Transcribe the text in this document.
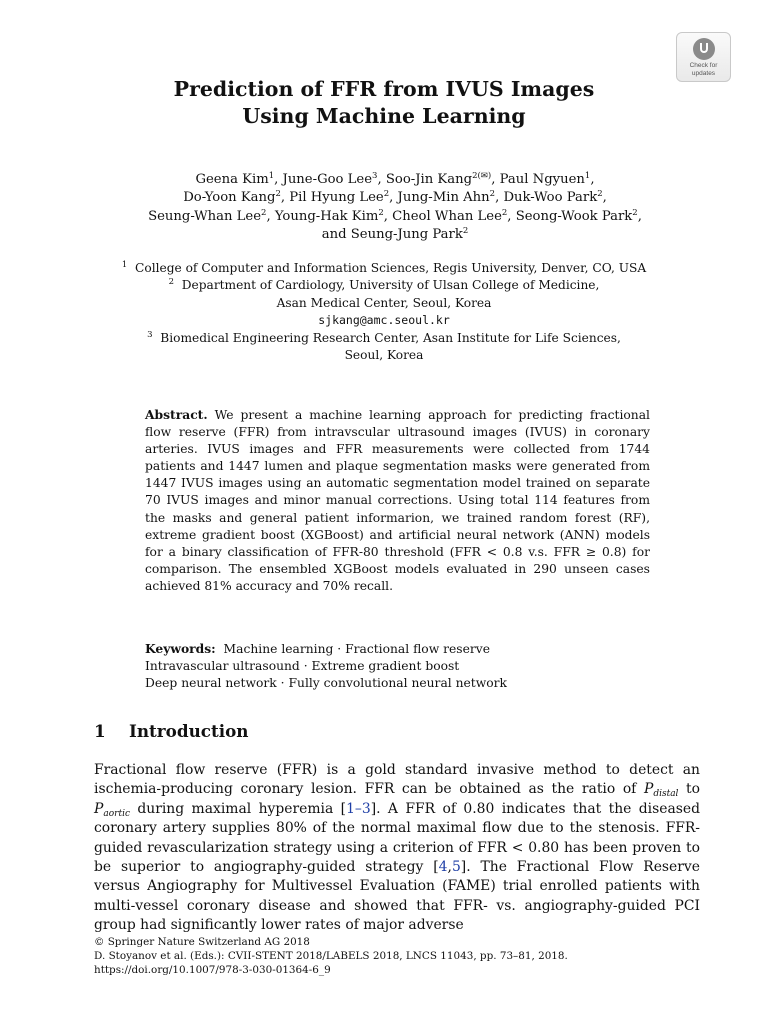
Check for
updates
Prediction of FFR from IVUS Images
Using Machine Learning
Geena Kim$^1$, June-Goo Lee$^3$, Soo-Jin Kang$^{2(✉)}$, Paul Ngyuen$^1$,
Do-Yoon Kang$^2$, Pil Hyung Lee$^2$, Jung-Min Ahn$^2$, Duk-Woo Park$^2$,
Seung-Whan Lee$^2$, Young-Hak Kim$^2$, Cheol Whan Lee$^2$, Seong-Wook Park$^2$,
and Seung-Jung Park$^2$
$^1$ College of Computer and Information Sciences, Regis University, Denver, CO, USA
$^2$ Department of Cardiology, University of Ulsan College of Medicine,
Asan Medical Center, Seoul, Korea
sjkang@amc.seoul.kr
$^3$ Biomedical Engineering Research Center, Asan Institute for Life Sciences,
Seoul, Korea
Abstract. We present a machine learning approach for predicting fractional flow reserve (FFR) from intravscular ultrasound images (IVUS) in coronary arteries. IVUS images and FFR measurements were collected from 1744 patients and 1447 lumen and plaque segmentation masks were generated from 1447 IVUS images using an automatic segmentation model trained on separate 70 IVUS images and minor manual corrections. Using total 114 features from the masks and general patient informarion, we trained random forest (RF), extreme gradient boost (XGBoost) and artificial neural network (ANN) models for a binary classification of FFR-80 threshold (FFR < 0.8 v.s. FFR ≥ 0.8) for comparison. The ensembled XGBoost models evaluated in 290 unseen cases achieved 81% accuracy and 70% recall.
Keywords: Machine learning · Fractional flow reserve
Intravascular ultrasound · Extreme gradient boost
Deep neural network · Fully convolutional neural network
1 Introduction
Fractional flow reserve (FFR) is a gold standard invasive method to detect an ischemia-producing coronary lesion. FFR can be obtained as the ratio of $P_{distal}$ to $P_{aortic}$ during maximal hyperemia [1–3]. A FFR of 0.80 indicates that the diseased coronary artery supplies 80% of the normal maximal flow due to the stenosis. FFR-guided revascularization strategy using a criterion of FFR < 0.80 has been proven to be superior to angiography-guided strategy [4,5]. The Fractional Flow Reserve versus Angiography for Multivessel Evaluation (FAME) trial enrolled patients with multi-vessel coronary disease and showed that FFR- vs. angiography-guided PCI group had significantly lower rates of major adverse
© Springer Nature Switzerland AG 2018
D. Stoyanov et al. (Eds.): CVII-STENT 2018/LABELS 2018, LNCS 11043, pp. 73–81, 2018.
https://doi.org/10.1007/978-3-030-01364-6_9
